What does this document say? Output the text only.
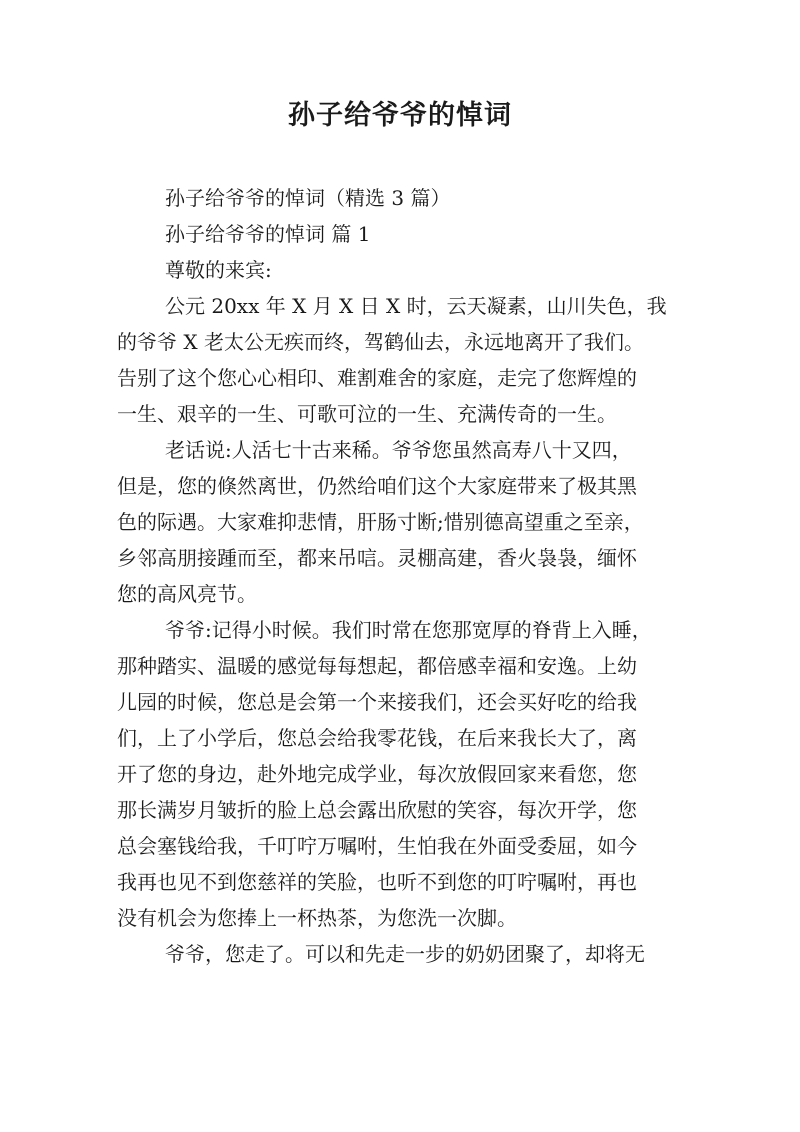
孙子给爷爷的悼词
孙子给爷爷的悼词（精选 3 篇）
孙子给爷爷的悼词 篇 1
尊敬的来宾:
公元 20xx 年 X 月 X 日 X 时，云天凝素，山川失色，我
的爷爷 X 老太公无疾而终，驾鹤仙去，永远地离开了我们。
告别了这个您心心相印、难割难舍的家庭，走完了您辉煌的
一生、艰辛的一生、可歌可泣的一生、充满传奇的一生。
老话说:人活七十古来稀。爷爷您虽然高寿八十又四，
但是，您的倏然离世，仍然给咱们这个大家庭带来了极其黑
色的际遇。大家难抑悲情，肝肠寸断;惜别德高望重之至亲，
乡邻高朋接踵而至，都来吊唁。灵棚高建，香火袅袅，缅怀
您的高风亮节。
爷爷:记得小时候。我们时常在您那宽厚的脊背上入睡，
那种踏实、温暖的感觉每每想起，都倍感幸福和安逸。上幼
儿园的时候，您总是会第一个来接我们，还会买好吃的给我
们，上了小学后，您总会给我零花钱，在后来我长大了，离
开了您的身边，赴外地完成学业，每次放假回家来看您，您
那长满岁月皱折的脸上总会露出欣慰的笑容，每次开学，您
总会塞钱给我，千叮咛万嘱咐，生怕我在外面受委屈，如今
我再也见不到您慈祥的笑脸，也听不到您的叮咛嘱咐，再也
没有机会为您捧上一杯热茶，为您洗一次脚。
爷爷，您走了。可以和先走一步的奶奶团聚了，却将无
